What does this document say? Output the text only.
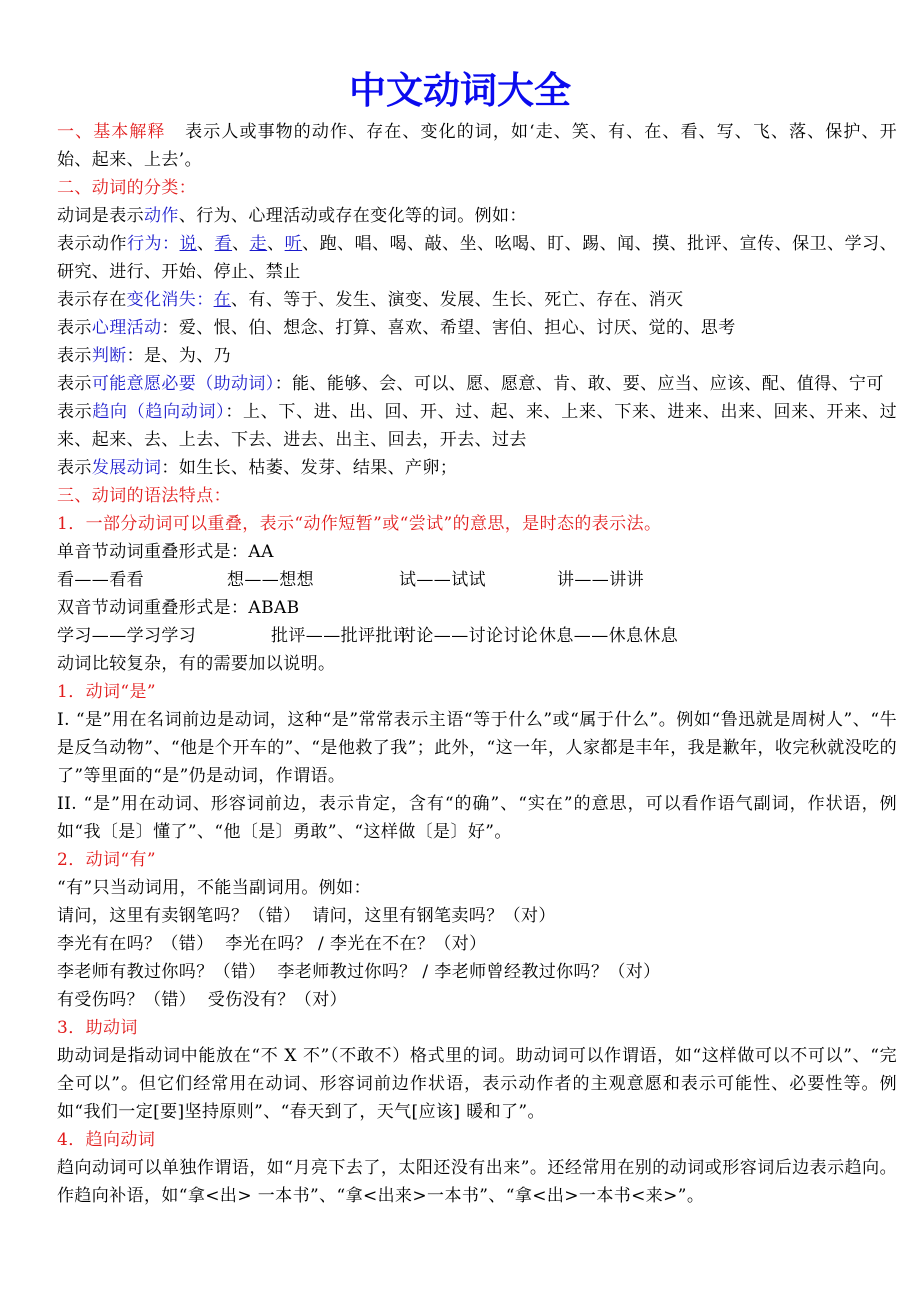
中文动词大全

一、基本解释 表示人或事物的动作、存在、变化的词，如‘走、笑、有、在、看、写、飞、落、保护、开始、起来、上去’。

二、动词的分类：

动词是表示动作、行为、心理活动或存在变化等的词。例如：

表示动作行为：说、看、走、听、跑、唱、喝、敲、坐、吆喝、盯、踢、闻、摸、批评、宣传、保卫、学习、研究、进行、开始、停止、禁止

表示存在变化消失：在、有、等于、发生、演变、发展、生长、死亡、存在、消灭

表示心理活动：爱、恨、伯、想念、打算、喜欢、希望、害伯、担心、讨厌、觉的、思考

表示判断：是、为、乃

表示可能意愿必要（助动词）：能、能够、会、可以、愿、愿意、肯、敢、要、应当、应该、配、值得、宁可

表示趋向（趋向动词）：上、下、进、出、回、开、过、起、来、上来、下来、进来、出来、回来、开来、过来、起来、去、上去、下去、进去、出主、回去，开去、过去

表示发展动词：如生长、枯萎、发芽、结果、产卵；

三、动词的语法特点：

1．一部分动词可以重叠，表示“动作短暂”或“尝试”的意思，是时态的表示法。

单音节动词重叠形式是：AA

看——看看	想——想想	试——试试	讲——讲讲

双音节动词重叠形式是：ABAB

学习——学习学习	批评——批评批评
讨论——讨论讨论 休息——休息休息

动词比较复杂，有的需要加以说明。

1．动词“是”

I. “是”用在名词前边是动词，这种“是”常常表示主语“等于什么”或“属于什么”。例如“鲁迅就是周树人”、“牛是反刍动物”、“他是个开车的”、“是他救了我”；此外，“这一年，人家都是丰年，我是歉年，收完秋就没吃的了”等里面的“是”仍是动词，作谓语。

II. “是”用在动词、形容词前边，表示肯定，含有“的确”、“实在”的意思，可以看作语气副词，作状语，例如“我〔是〕懂了”、“他〔是〕勇敢”、“这样做〔是〕好”。

2．动词“有”

“有”只当动词用，不能当副词用。例如：

请问，这里有卖钢笔吗？（错）  请问，这里有钢笔卖吗？（对）

李光有在吗？（错）  李光在吗？ / 李光在不在？（对）

李老师有教过你吗？（错）  李老师教过你吗？ / 李老师曾经教过你吗？（对）

有受伤吗？（错）  受伤没有？（对）

3．助动词

助动词是指动词中能放在“不 X 不”（不敢不）格式里的词。助动词可以作谓语，如“这样做可以不可以”、“完全可以”。但它们经常用在动词、形容词前边作状语，表示动作者的主观意愿和表示可能性、必要性等。例如“我们一定[要]坚持原则”、“春天到了，天气[应该] 暖和了”。

4．趋向动词

趋向动词可以单独作谓语，如“月亮下去了，太阳还没有出来”。还经常用在别的动词或形容词后边表示趋向。作趋向补语，如“拿<出> 一本书”、“拿<出来>一本书”、“拿<出>一本书<来>”。
